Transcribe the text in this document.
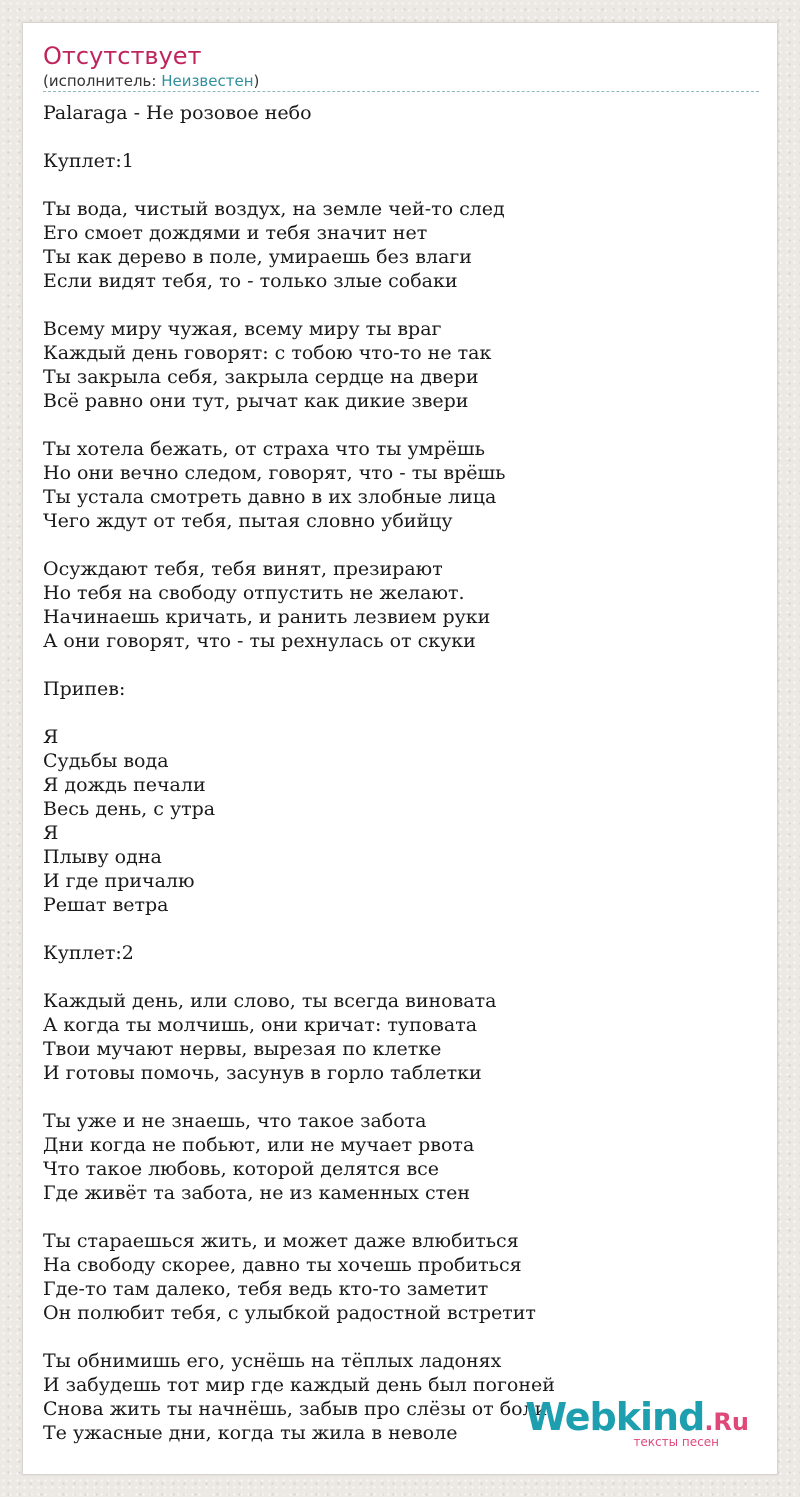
Отсутствует
(исполнитель: Неизвестен)
Palaraga - Не розовое небо

Куплет:1

Ты вода, чистый воздух, на земле чей-то след
Его смоет дождями и тебя значит нет
Ты как дерево в поле, умираешь без влаги
Если видят тебя, то - только злые собаки

Всему миру чужая, всему миру ты враг
Каждый день говорят: с тобою что-то не так
Ты закрыла себя, закрыла сердце на двери
Всё равно они тут, рычат как дикие звери

Ты хотела бежать, от страха что ты умрёшь
Но они вечно следом, говорят, что - ты врёшь
Ты устала смотреть давно в их злобные лица
Чего ждут от тебя, пытая словно убийцу

Осуждают тебя, тебя винят, презирают
Но тебя на свободу отпустить не желают.
Начинаешь кричать, и ранить лезвием руки
А они говорят, что - ты рехнулась от скуки

Припев:

Я
Судьбы вода
Я дождь печали
Весь день, с утра
Я
Плыву одна
И где причалю
Решат ветра

Куплет:2

Каждый день, или слово, ты всегда виновата
А когда ты молчишь, они кричат: туповата
Твои мучают нервы, вырезая по клетке
И готовы помочь, засунув в горло таблетки

Ты уже и не знаешь, что такое забота
Дни когда не побьют, или не мучает рвота
Что такое любовь, которой делятся все
Где живёт та забота, не из каменных стен

Ты стараешься жить, и может даже влюбиться
На свободу скорее, давно ты хочешь пробиться
Где-то там далеко, тебя ведь кто-то заметит
Он полюбит тебя, с улыбкой радостной встретит

Ты обнимишь его, уснёшь на тёплых ладонях
И забудешь тот мир где каждый день был погоней
Снова жить ты начнёшь, забыв про слёзы от боли,
Те ужасные дни, когда ты жила в неволе	Webkind.Ru
тексты песен
